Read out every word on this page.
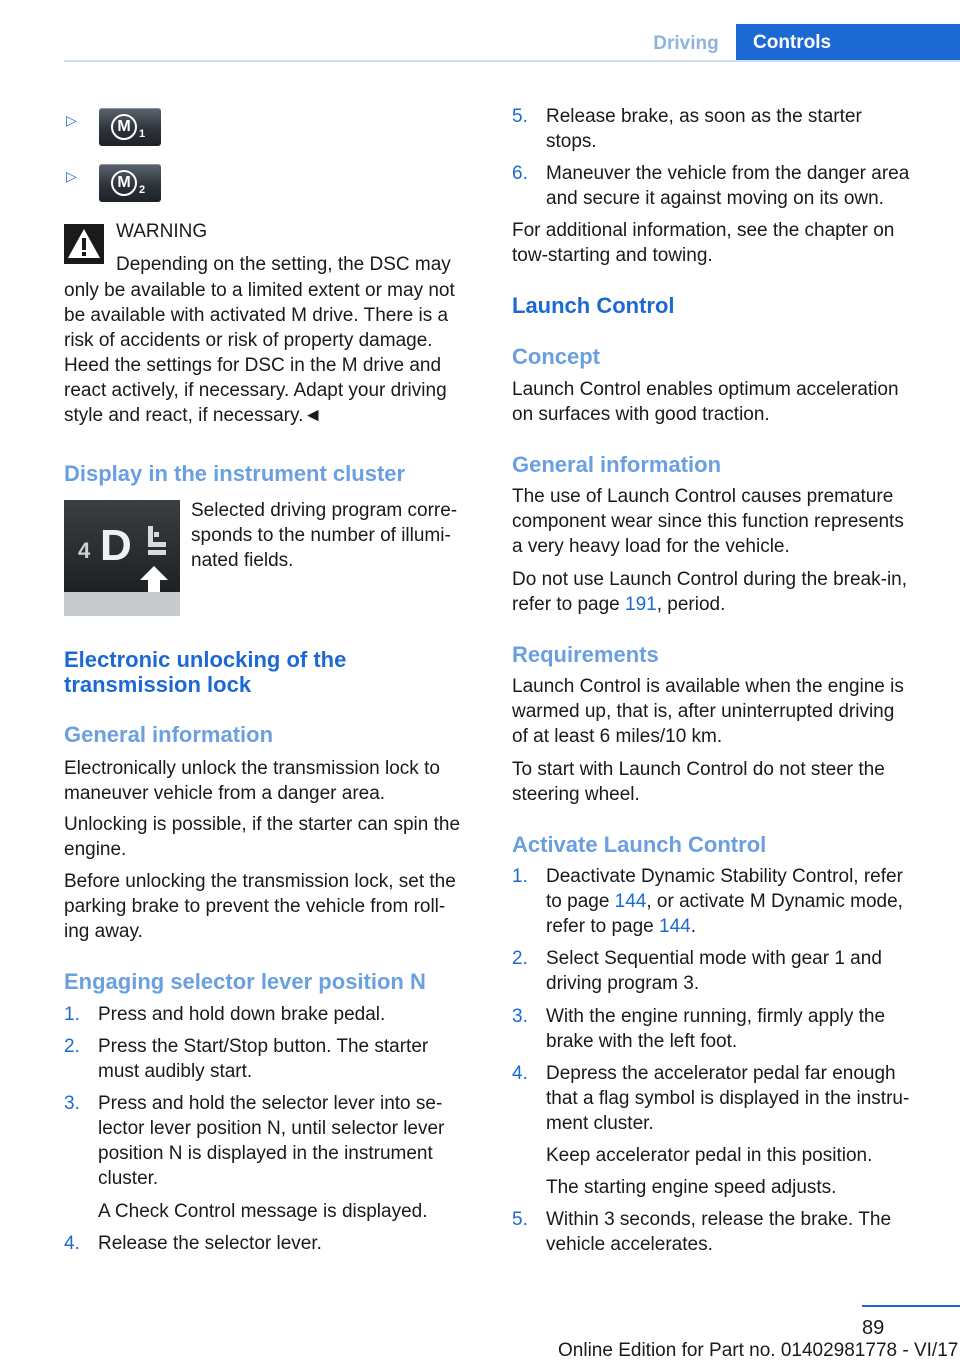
Driving	Controls
▷	M 1
▷	M 2

WARNING

Depending on the setting, the DSC may

only be available to a limited extent or may not

be available with activated M drive. There is a

risk of accidents or risk of property damage.

Heed the settings for DSC in the M drive and

react actively, if necessary. Adapt your driving

style and react, if necessary.◄

Display in the instrument cluster
4 D

Selected driving program corre‐

sponds to the number of illumi‐

nated fields.

Electronic unlocking of the
transmission lock
General information

Electronically unlock the transmission lock to

maneuver vehicle from a danger area.

Unlocking is possible, if the starter can spin the

engine.

Before unlocking the transmission lock, set the

parking brake to prevent the vehicle from roll‐

ing away.

Engaging selector lever position N
1. Press and hold down brake pedal.
2. Press the Start/Stop button. The starter
must audibly start.
3. Press and hold the selector lever into se‐
lector lever position N, until selector lever
position N is displayed in the instrument
cluster.
A Check Control message is displayed.
4. Release the selector lever.
5. Release brake, as soon as the starter
stops.
6. Maneuver the vehicle from the danger area
and secure it against moving on its own.

For additional information, see the chapter on

tow-starting and towing.

Launch Control
Concept

Launch Control enables optimum acceleration

on surfaces with good traction.

General information

The use of Launch Control causes premature

component wear since this function represents

a very heavy load for the vehicle.

Do not use Launch Control during the break-in,

refer to page 191, period.

Requirements

Launch Control is available when the engine is

warmed up, that is, after uninterrupted driving

of at least 6 miles/10 km.

To start with Launch Control do not steer the

steering wheel.

Activate Launch Control
1. Deactivate Dynamic Stability Control, refer
to page 144, or activate M Dynamic mode,
refer to page 144.
2. Select Sequential mode with gear 1 and
driving program 3.
3. With the engine running, firmly apply the
brake with the left foot.
4. Depress the accelerator pedal far enough
that a flag symbol is displayed in the instru‐
ment cluster.
Keep accelerator pedal in this position.
The starting engine speed adjusts.
5. Within 3 seconds, release the brake. The
vehicle accelerates.
89
Online Edition for Part no. 01402981778 - VI/17
